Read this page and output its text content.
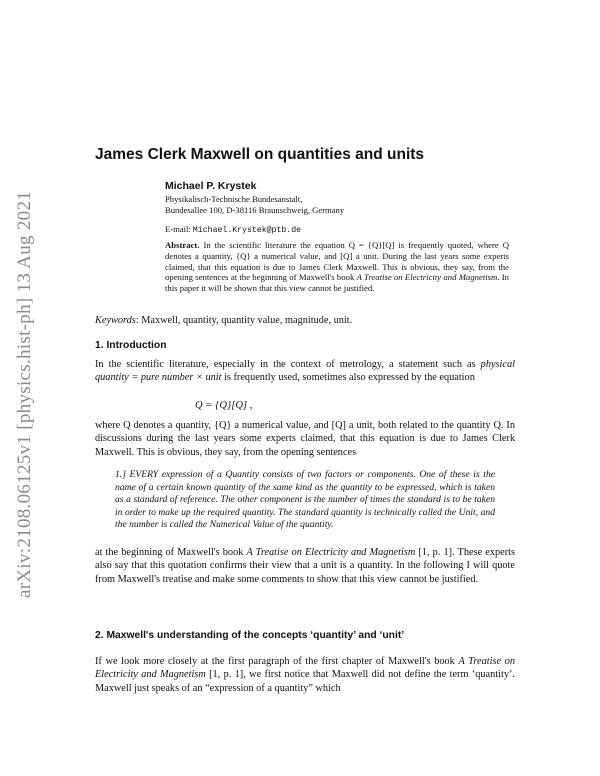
arXiv:2108.06125v1 [physics.hist-ph] 13 Aug 2021
James Clerk Maxwell on quantities and units
Michael P. Krystek
Physikalisch-Technische Bundesanstalt,
Bundesallee 100, D-38116 Braunschweig, Germany
E-mail: Michael.Krystek@ptb.de
Abstract. In the scientific literature the equation Q = {Q}[Q] is frequently quoted, where Q denotes a quantity, {Q} a numerical value, and [Q] a unit. During the last years some experts claimed, that this equation is due to James Clerk Maxwell. This is obvious, they say, from the opening sentences at the beginning of Maxwell's book A Treatise on Electricity and Magnetism. In this paper it will be shown that this view cannot be justified.
Keywords: Maxwell, quantity, quantity value, magnitude, unit.
1. Introduction
In the scientific literature, especially in the context of metrology, a statement such as physical quantity = pure number × unit is frequently used, sometimes also expressed by the equation
Q = {Q}[Q] ,
where Q denotes a quantity, {Q} a numerical value, and [Q] a unit, both related to the quantity Q. In discussions during the last years some experts claimed, that this equation is due to James Clerk Maxwell. This is obvious, they say, from the opening sentences
1.] EVERY expression of a Quantity consists of two factors or components. One of these is the name of a certain known quantity of the same kind as the quantity to be expressed, which is taken as a standard of reference. The other component is the number of times the standard is to be taken in order to make up the required quantity. The standard quantity is technically called the Unit, and the number is called the Numerical Value of the quantity.
at the beginning of Maxwell's book A Treatise on Electricity and Magnetism [1, p. 1]. These experts also say that this quotation confirms their view that a unit is a quantity. In the following I will quote from Maxwell's treatise and make some comments to show that this view cannot be justified.
2. Maxwell's understanding of the concepts ‘quantity’ and ‘unit’
If we look more closely at the first paragraph of the first chapter of Maxwell's book A Treatise on Electricity and Magnetism [1, p. 1], we first notice that Maxwell did not define the term ‘quantity’. Maxwell just speaks of an “expression of a quantity” which
